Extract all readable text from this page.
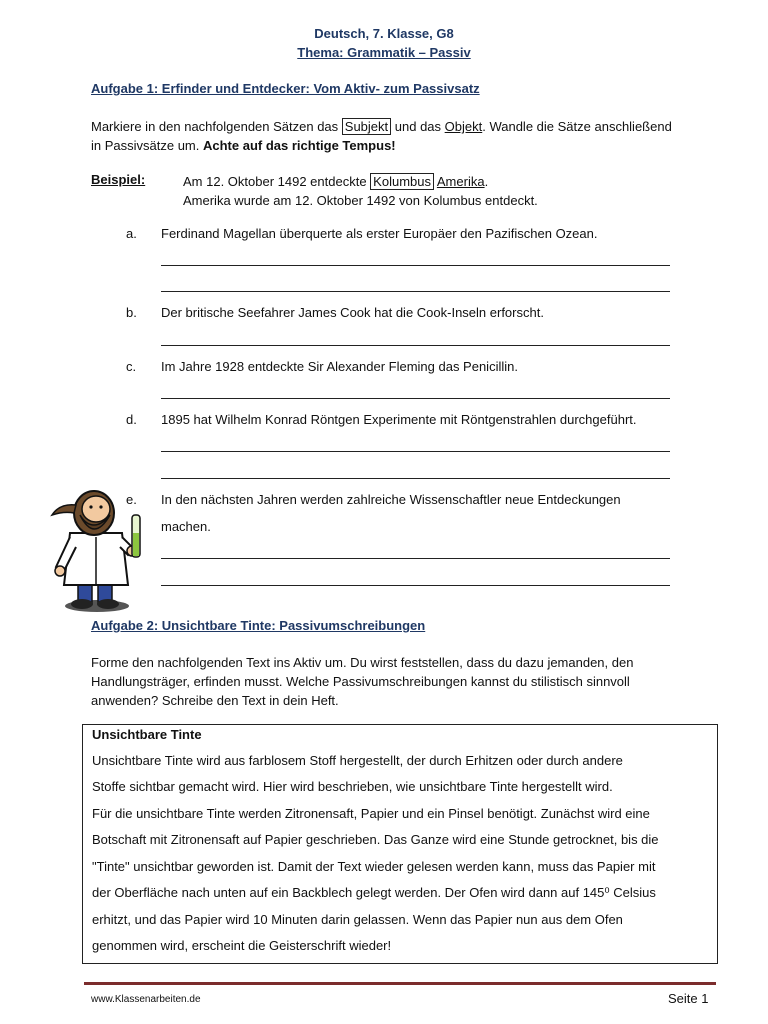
Deutsch, 7. Klasse, G8
Thema: Grammatik – Passiv
Aufgabe 1: Erfinder und Entdecker: Vom Aktiv- zum Passivsatz
Markiere in den nachfolgenden Sätzen das Subjekt und das Objekt. Wandle die Sätze anschließend
in Passivsätze um. Achte auf das richtige Tempus!
Beispiel:	Am 12. Oktober 1492 entdeckte Kolumbus Amerika.
Amerika wurde am 12. Oktober 1492 von Kolumbus entdeckt.
a. Ferdinand Magellan überquerte als erster Europäer den Pazifischen Ozean.
b. Der britische Seefahrer James Cook hat die Cook-Inseln erforscht.
c. Im Jahre 1928 entdeckte Sir Alexander Fleming das Penicillin.
d. 1895 hat Wilhelm Konrad Röntgen Experimente mit Röntgenstrahlen durchgeführt.
e. In den nächsten Jahren werden zahlreiche Wissenschaftler neue Entdeckungen
machen.
Aufgabe 2: Unsichtbare Tinte: Passivumschreibungen
Forme den nachfolgenden Text ins Aktiv um. Du wirst feststellen, dass du dazu jemanden, den
Handlungsträger, erfinden musst. Welche Passivumschreibungen kannst du stilistisch sinnvoll
anwenden? Schreibe den Text in dein Heft.
Unsichtbare Tinte
Unsichtbare Tinte wird aus farblosem Stoff hergestellt, der durch Erhitzen oder durch andere
Stoffe sichtbar gemacht wird. Hier wird beschrieben, wie unsichtbare Tinte hergestellt wird.
Für die unsichtbare Tinte werden Zitronensaft, Papier und ein Pinsel benötigt. Zunächst wird eine
Botschaft mit Zitronensaft auf Papier geschrieben. Das Ganze wird eine Stunde getrocknet, bis die
"Tinte" unsichtbar geworden ist. Damit der Text wieder gelesen werden kann, muss das Papier mit
der Oberfläche nach unten auf ein Backblech gelegt werden. Der Ofen wird dann auf 145⁰ Celsius
erhitzt, und das Papier wird 10 Minuten darin gelassen. Wenn das Papier nun aus dem Ofen
genommen wird, erscheint die Geisterschrift wieder!
www.Klassenarbeiten.de	Seite 1
